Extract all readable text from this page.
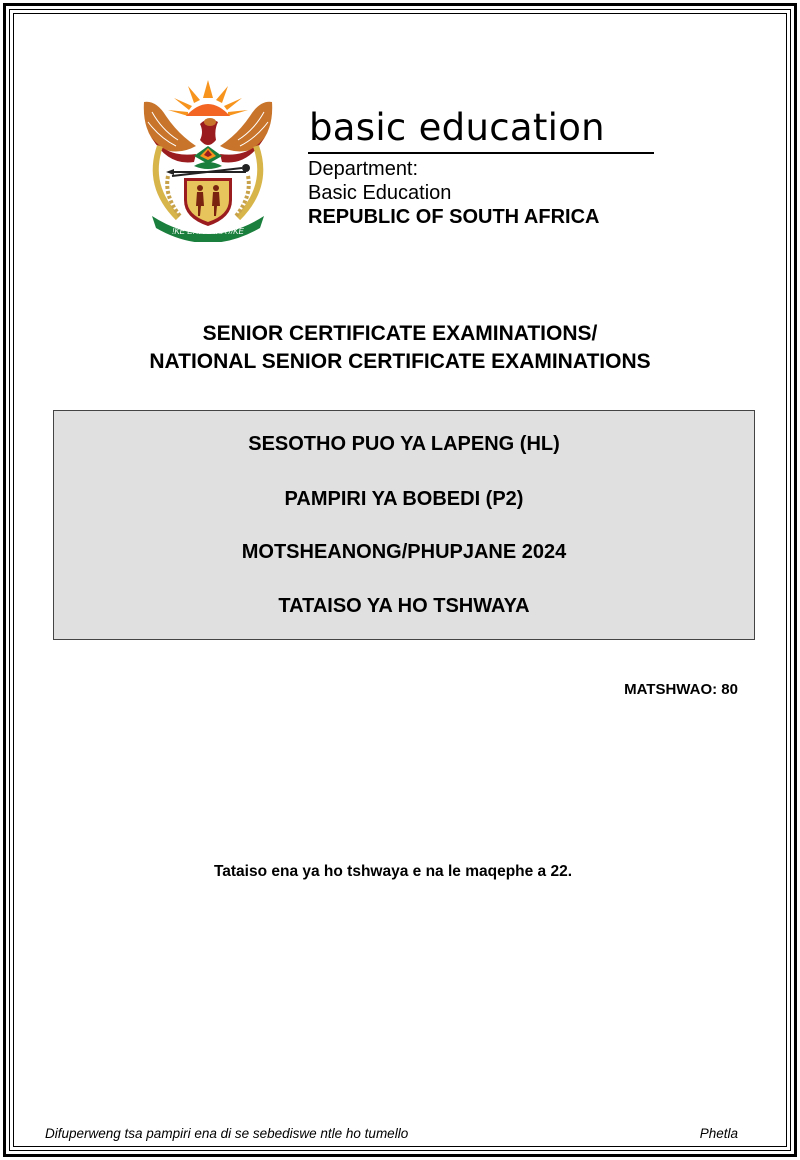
!KE E: /XARRA //KE
basic education
Department:
Basic Education
REPUBLIC OF SOUTH AFRICA
SENIOR CERTIFICATE EXAMINATIONS/
NATIONAL SENIOR CERTIFICATE EXAMINATIONS
SESOTHO PUO YA LAPENG (HL)
PAMPIRI YA BOBEDI (P2)
MOTSHEANONG/PHUPJANE 2024
TATAISO YA HO TSHWAYA
MATSHWAO: 80
Tataiso ena ya ho tshwaya e na le maqephe a 22.
Difuperweng tsa pampiri ena di se sebediswe ntle ho tumello	Phetla
